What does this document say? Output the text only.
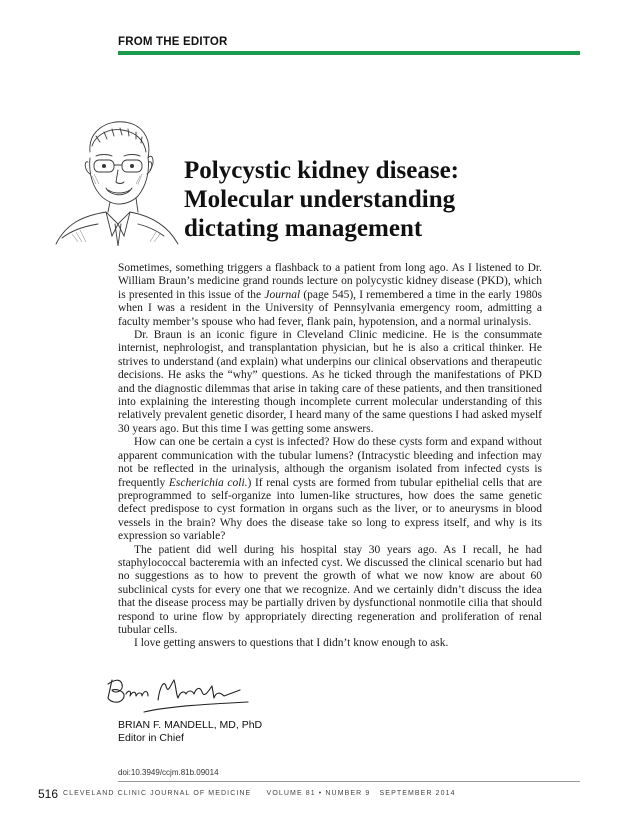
FROM THE EDITOR
Polycystic kidney disease:
Molecular understanding
dictating management

Sometimes, something triggers a flashback to a patient from long ago. As I listened to Dr. William Braun’s medicine grand rounds lecture on polycystic kidney disease (PKD), which is presented in this issue of the Journal (page 545), I remembered a time in the early 1980s when I was a resident in the University of Pennsylvania emergency room, admitting a faculty member’s spouse who had fever, flank pain, hypotension, and a normal urinalysis.

Dr. Braun is an iconic figure in Cleveland Clinic medicine. He is the consummate internist, nephrologist, and transplantation physician, but he is also a critical thinker. He strives to understand (and explain) what underpins our clinical observations and therapeutic decisions. He asks the “why” questions. As he ticked through the manifestations of PKD and the diagnostic dilemmas that arise in taking care of these patients, and then transitioned into explaining the interesting though incomplete current molecular understanding of this relatively prevalent genetic disorder, I heard many of the same questions I had asked myself 30 years ago. But this time I was getting some answers.

How can one be certain a cyst is infected? How do these cysts form and expand without apparent communication with the tubular lumens? (Intracystic bleeding and infection may not be reflected in the urinalysis, although the organism isolated from infected cysts is frequently Escherichia coli.) If renal cysts are formed from tubular epithelial cells that are preprogrammed to self-organize into lumen-like structures, how does the same genetic defect predispose to cyst formation in organs such as the liver, or to aneurysms in blood vessels in the brain? Why does the disease take so long to express itself, and why is its expression so variable?

The patient did well during his hospital stay 30 years ago. As I recall, he had staphylococcal bacteremia with an infected cyst. We discussed the clinical scenario but had no suggestions as to how to prevent the growth of what we now know are about 60 subclinical cysts for every one that we recognize. And we certainly didn’t discuss the idea that the disease process may be partially driven by dysfunctional nonmotile cilia that should respond to urine flow by appropriately directing regeneration and proliferation of renal tubular cells.

I love getting answers to questions that I didn’t know enough to ask.

BRIAN F. MANDELL, MD, PhD
Editor in Chief
doi:10.3949/ccjm.81b.09014
516 CLEVELAND CLINIC JOURNAL OF MEDICINE VOLUME 81 • NUMBER 9 SEPTEMBER 2014
